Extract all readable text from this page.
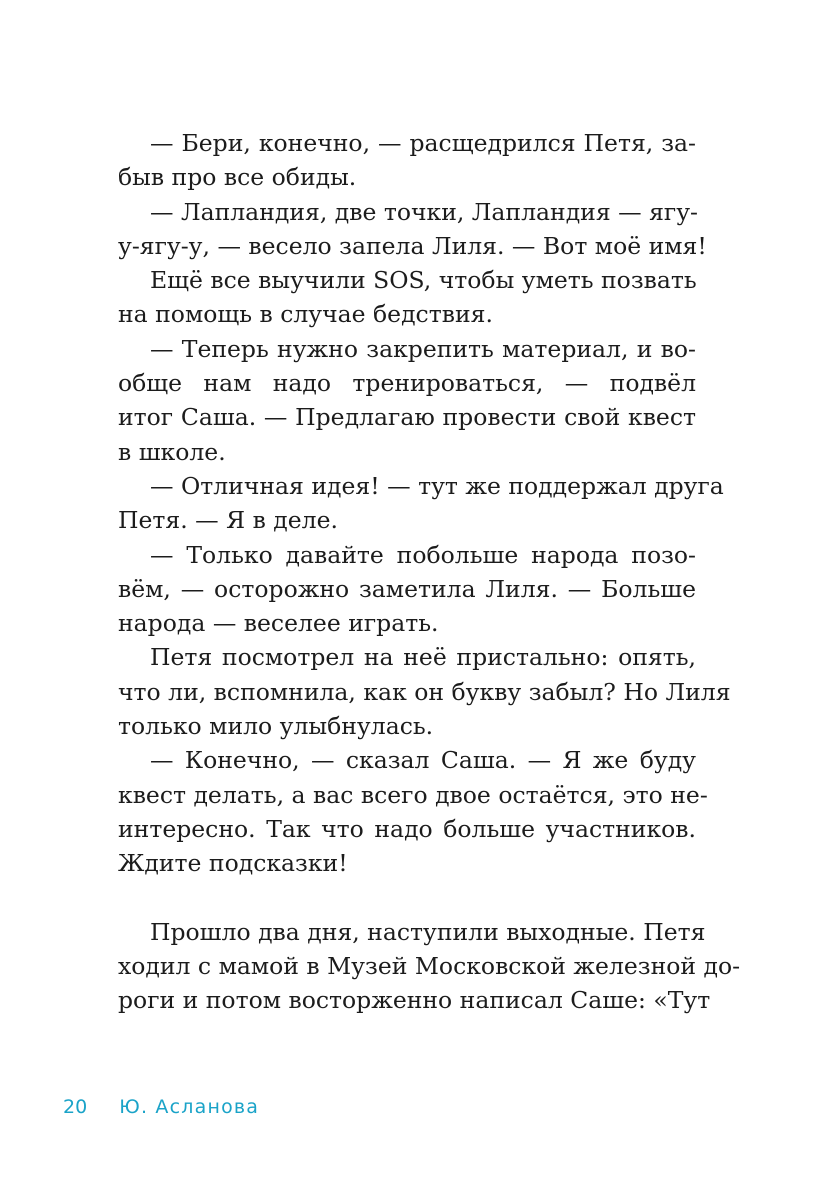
— Бери, конечно, — расщедрился Петя, за-
быв про все обиды.
— Лапландия, две точки, Лапландия — ягу-
у-ягу-у, — весело запела Лиля. — Вот моё имя!
Ещё все выучили SOS, чтобы уметь позвать
на помощь в случае бедствия.
— Теперь нужно закрепить материал, и во-
обще нам надо тренироваться, — подвёл
итог Саша. — Предлагаю провести свой квест
в школе.
— Отличная идея! — тут же поддержал друга
Петя. — Я в деле.
— Только давайте побольше народа позо-
вём, — осторожно заметила Лиля. — Больше
народа — веселее играть.
Петя посмотрел на неё пристально: опять,
что ли, вспомнила, как он букву забыл? Но Лиля
только мило улыбнулась.
— Конечно, — сказал Саша. — Я же буду
квест делать, а вас всего двое остаётся, это не-
интересно. Так что надо больше участников.
Ждите подсказки!
Прошло два дня, наступили выходные. Петя
ходил с мамой в Музей Московской железной до-
роги и потом восторженно написал Саше: «Тут
20 Ю. Асланова
